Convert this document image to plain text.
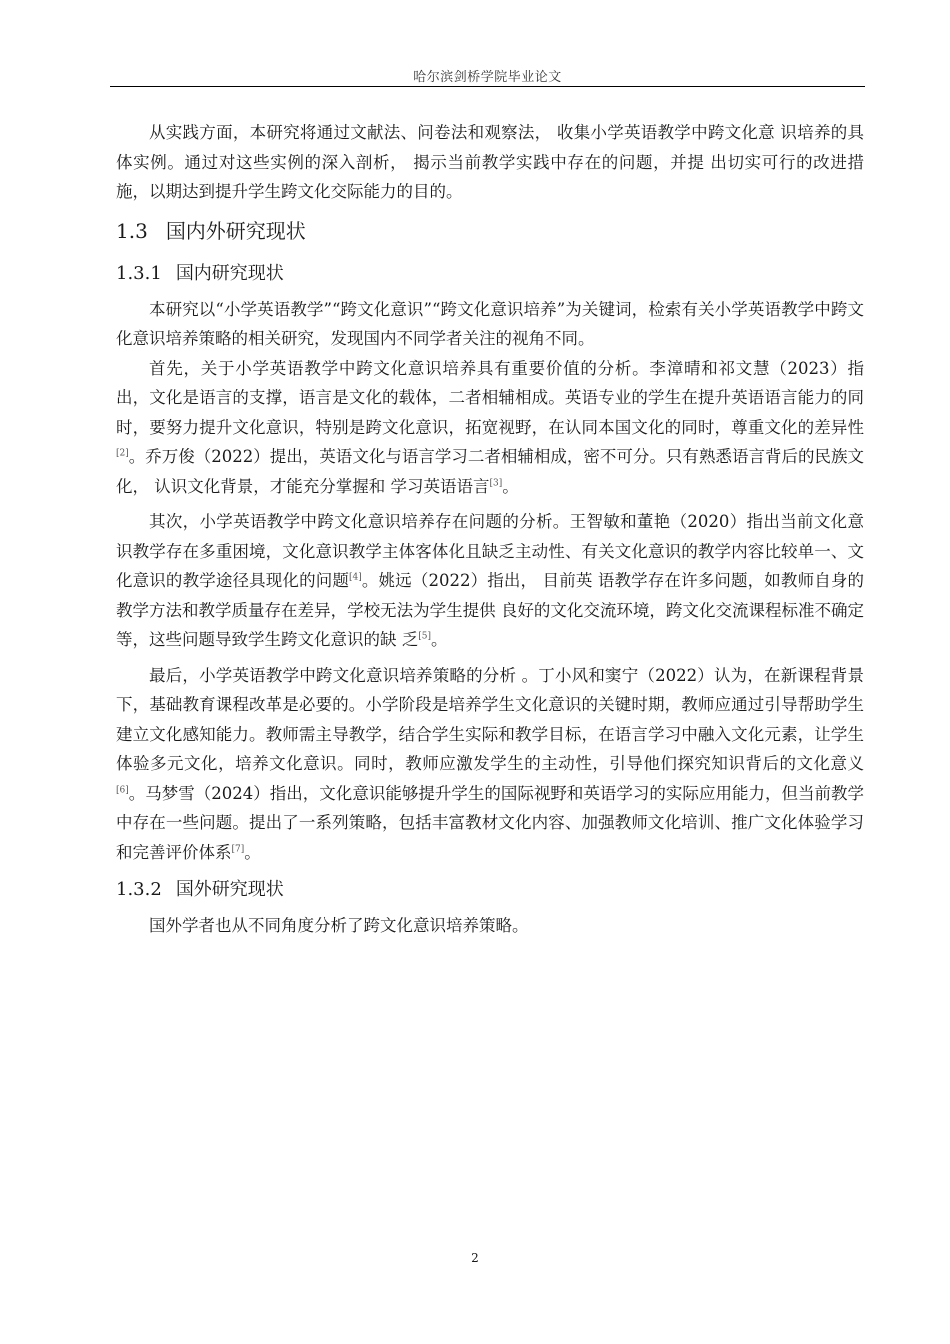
哈尔滨剑桥学院毕业论文

从实践方面，本研究将通过文献法、问卷法和观察法， 收集小学英语教学中跨文化意 识培养的具体实例。通过对这些实例的深入剖析， 揭示当前教学实践中存在的问题，并提 出切实可行的改进措施，以期达到提升学生跨文化交际能力的目的。

1.3 国内外研究现状
1.3.1 国内研究现状

本研究以“小学英语教学”“跨文化意识”“跨文化意识培养”为关键词，检索有关小学英语教学中跨文化意识培养策略的相关研究，发现国内不同学者关注的视角不同。

首先，关于小学英语教学中跨文化意识培养具有重要价值的分析。李漳晴和祁文慧（2023）指出，文化是语言的支撑，语言是文化的载体，二者相辅相成。英语专业的学生在提升英语语言能力的同时，要努力提升文化意识，特别是跨文化意识，拓宽视野，在认同本国文化的同时，尊重文化的差异性[2]。乔万俊（2022）提出，英语文化与语言学习二者相辅相成，密不可分。只有熟悉语言背后的民族文化， 认识文化背景，才能充分掌握和 学习英语语言[3]。

其次，小学英语教学中跨文化意识培养存在问题的分析。王智敏和董艳（2020）指出当前文化意识教学存在多重困境，文化意识教学主体客体化且缺乏主动性、有关文化意识的教学内容比较单一、文化意识的教学途径具现化的问题[4]。姚远（2022）指出， 目前英 语教学存在许多问题，如教师自身的教学方法和教学质量存在差异，学校无法为学生提供 良好的文化交流环境，跨文化交流课程标准不确定等，这些问题导致学生跨文化意识的缺 乏[5]。

最后，小学英语教学中跨文化意识培养策略的分析 。丁小风和窦宁（2022）认为，在新课程背景下，基础教育课程改革是必要的。小学阶段是培养学生文化意识的关键时期，教师应通过引导帮助学生建立文化感知能力。教师需主导教学，结合学生实际和教学目标，在语言学习中融入文化元素，让学生体验多元文化，培养文化意识。同时，教师应激发学生的主动性，引导他们探究知识背后的文化意义[6]。马梦雪（2024）指出，文化意识能够提升学生的国际视野和英语学习的实际应用能力，但当前教学中存在一些问题。提出了一系列策略，包括丰富教材文化内容、加强教师文化培训、推广文化体验学习和完善评价体系[7]。

1.3.2 国外研究现状

国外学者也从不同角度分析了跨文化意识培养策略。

2
